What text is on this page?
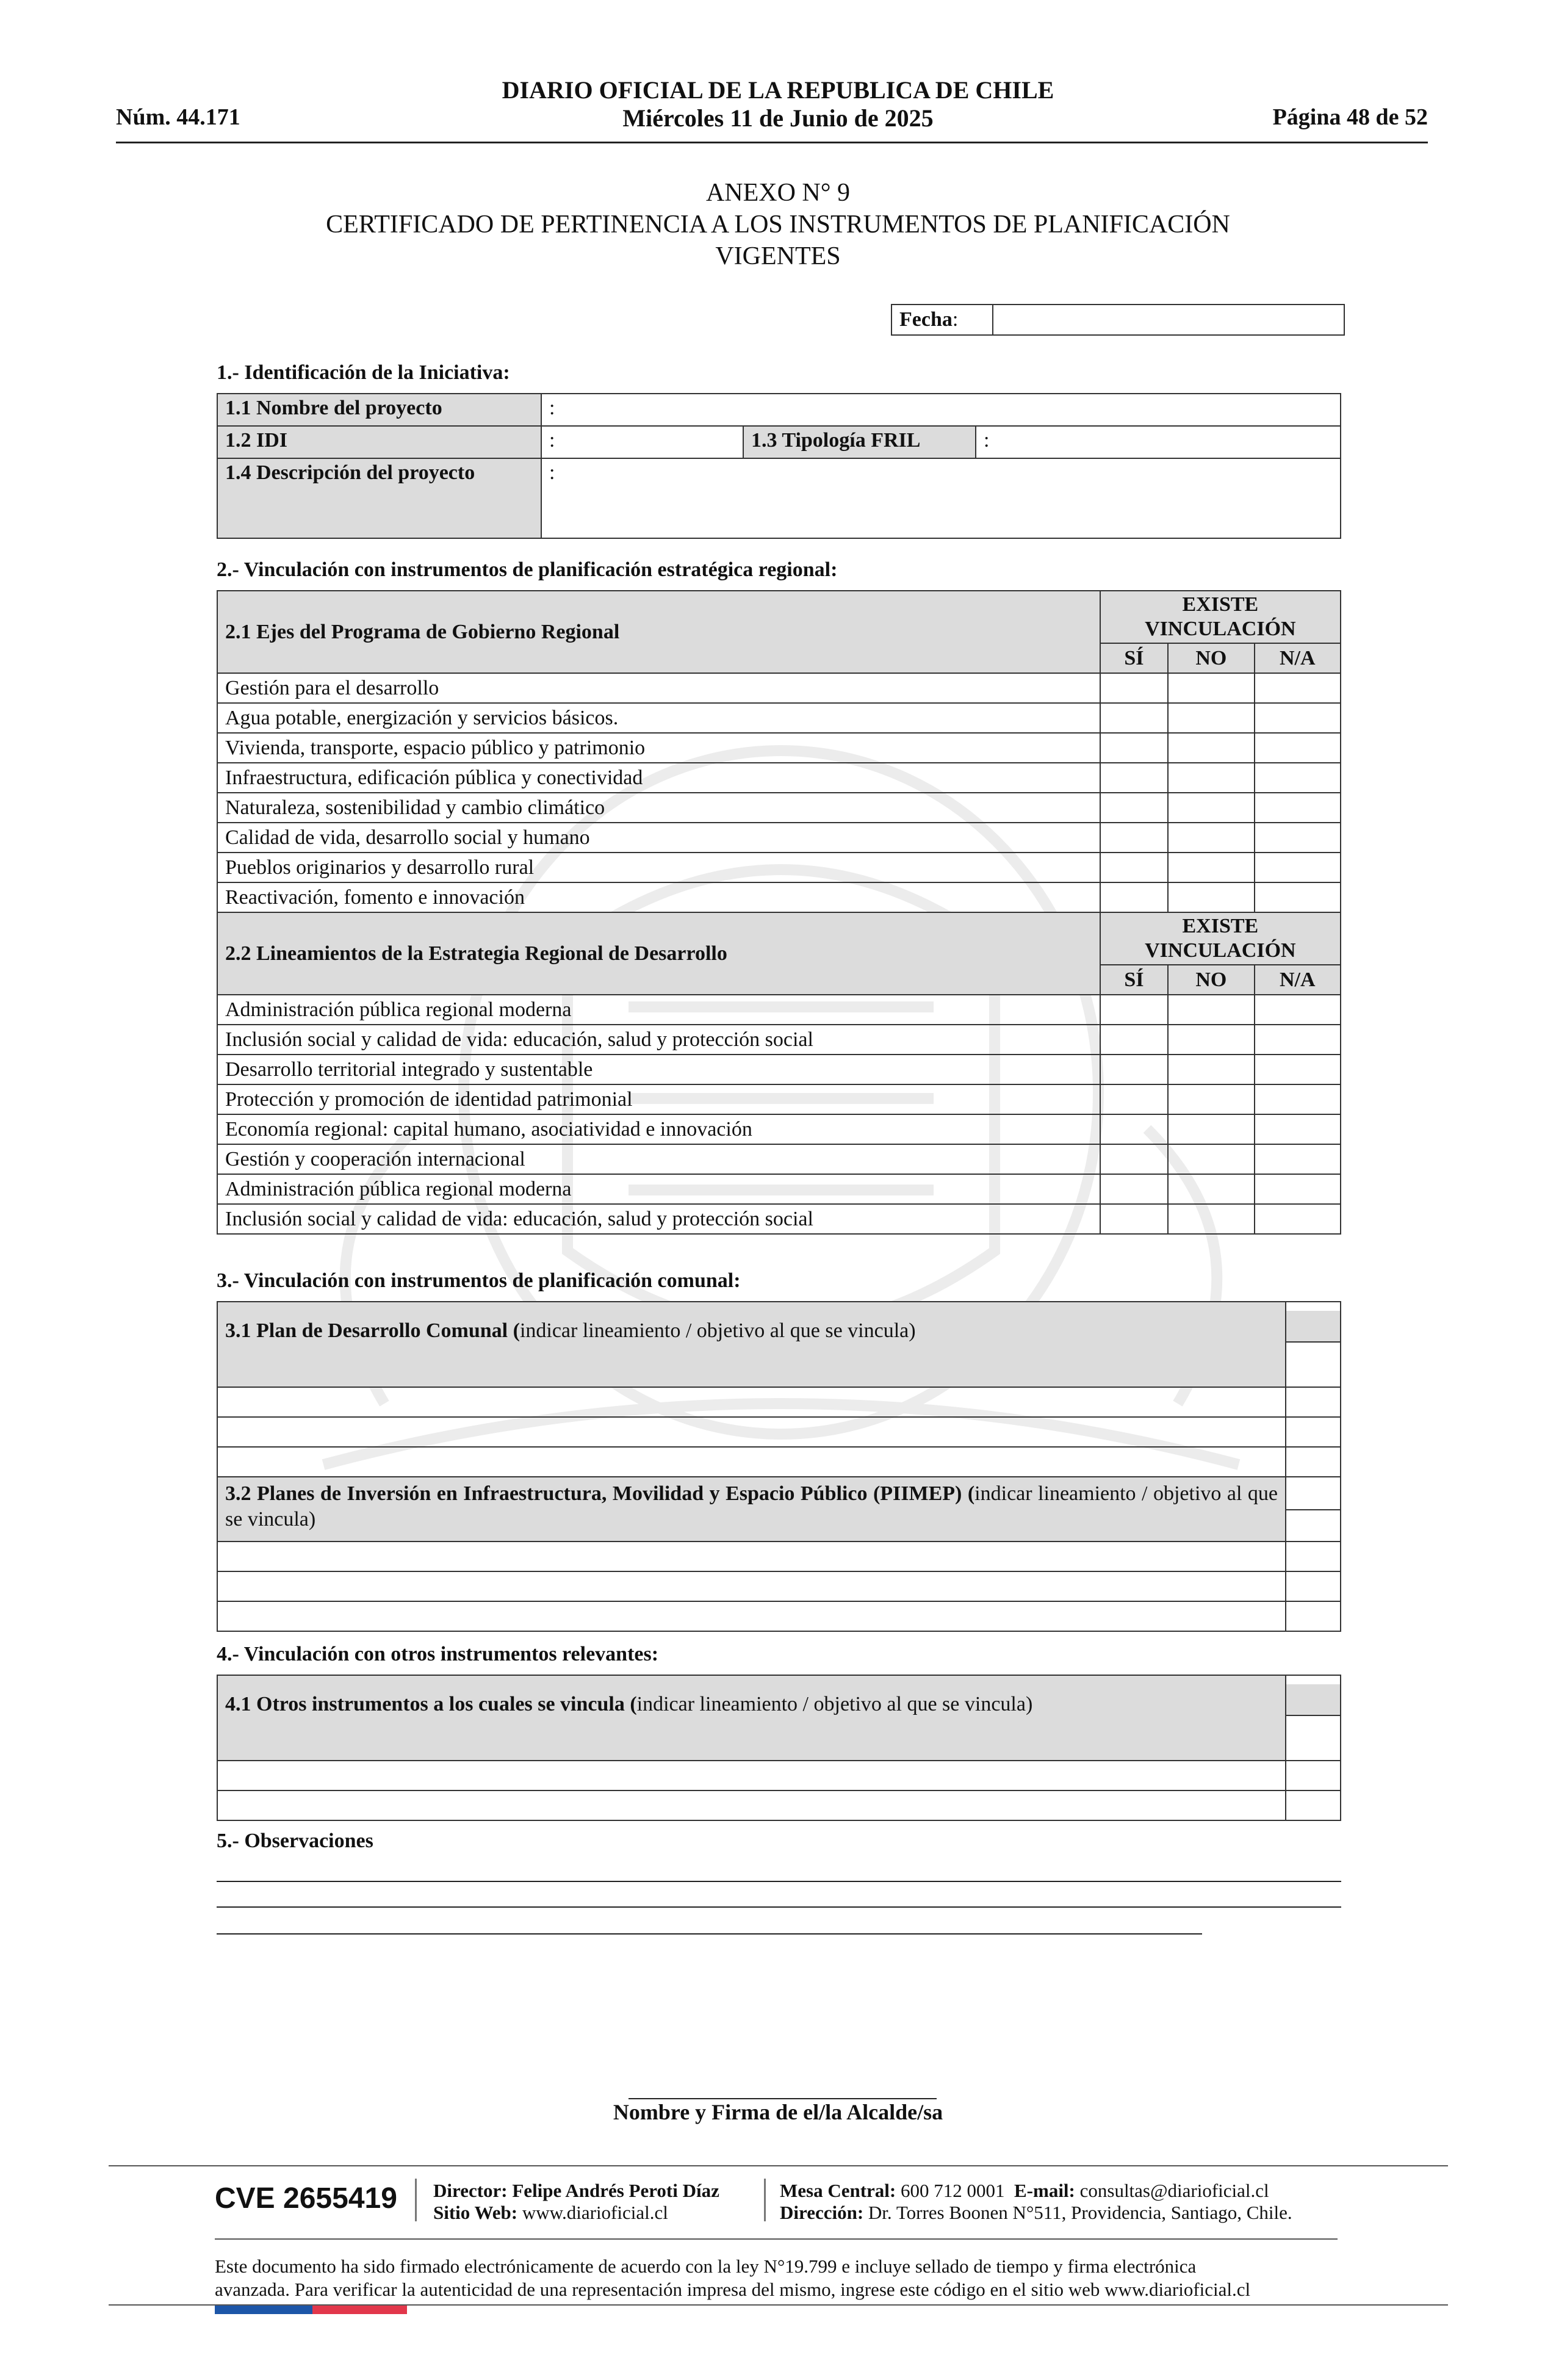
DIARIO OFICIAL DE LA REPUBLICA DE CHILE
Miércoles 11 de Junio de 2025
Núm. 44.171	Página 48 de 52
ANEXO N° 9
CERTIFICADO DE PERTINENCIA A LOS INSTRUMENTOS DE PLANIFICACIÓN
VIGENTES
Fecha:	
1.- Identificación de la Iniciativa:
1.1 Nombre del proyecto	:		
1.2 IDI	:	1.3 Tipología FRIL	:
1.4 Descripción del proyecto	:		
2.- Vinculación con instrumentos de planificación estratégica regional:
2.1 Ejes del Programa de Gobierno Regional	EXISTE
VINCULACIÓN		

	SÍ	NO	N/A
Gestión para el desarrollo			
Agua potable, energización y servicios básicos.			
Vivienda, transporte, espacio público y patrimonio			
Infraestructura, edificación pública y conectividad			
Naturaleza, sostenibilidad y cambio climático			
Calidad de vida, desarrollo social y humano			
Pueblos originarios y desarrollo rural			
Reactivación, fomento e innovación			
2.2 Lineamientos de la Estrategia Regional de Desarrollo	EXISTE
VINCULACIÓN		

	SÍ	NO	N/A
Administración pública regional moderna			
Inclusión social y calidad de vida: educación, salud y protección social			
Desarrollo territorial integrado y sustentable			
Protección y promoción de identidad patrimonial			
Economía regional: capital humano, asociatividad e innovación			
Gestión y cooperación internacional			
Administración pública regional moderna			
Inclusión social y calidad de vida: educación, salud y protección social			
3.- Vinculación con instrumentos de planificación comunal:
3.1 Plan de Desarrollo Comunal (indicar lineamiento / objetivo al que se vincula)	

3.2 Planes de Inversión en Infraestructura, Movilidad y Espacio Público (PIIMEP) (indicar lineamiento / objetivo al que se vincula)	

4.- Vinculación con otros instrumentos relevantes:
4.1 Otros instrumentos a los cuales se vincula (indicar lineamiento / objetivo al que se vincula)	

5.- Observaciones
Nombre y Firma de el/la Alcalde/sa
CVE 2655419 Director: Felipe Andrés Peroti Díaz
Sitio Web: www.diarioficial.cl
Mesa Central: 600 712 0001 E-mail: consultas@diarioficial.cl
Dirección: Dr. Torres Boonen N°511, Providencia, Santiago, Chile.
Este documento ha sido firmado electrónicamente de acuerdo con la ley N°19.799 e incluye sellado de tiempo y firma electrónica
avanzada. Para verificar la autenticidad de una representación impresa del mismo, ingrese este código en el sitio web www.diarioficial.cl
